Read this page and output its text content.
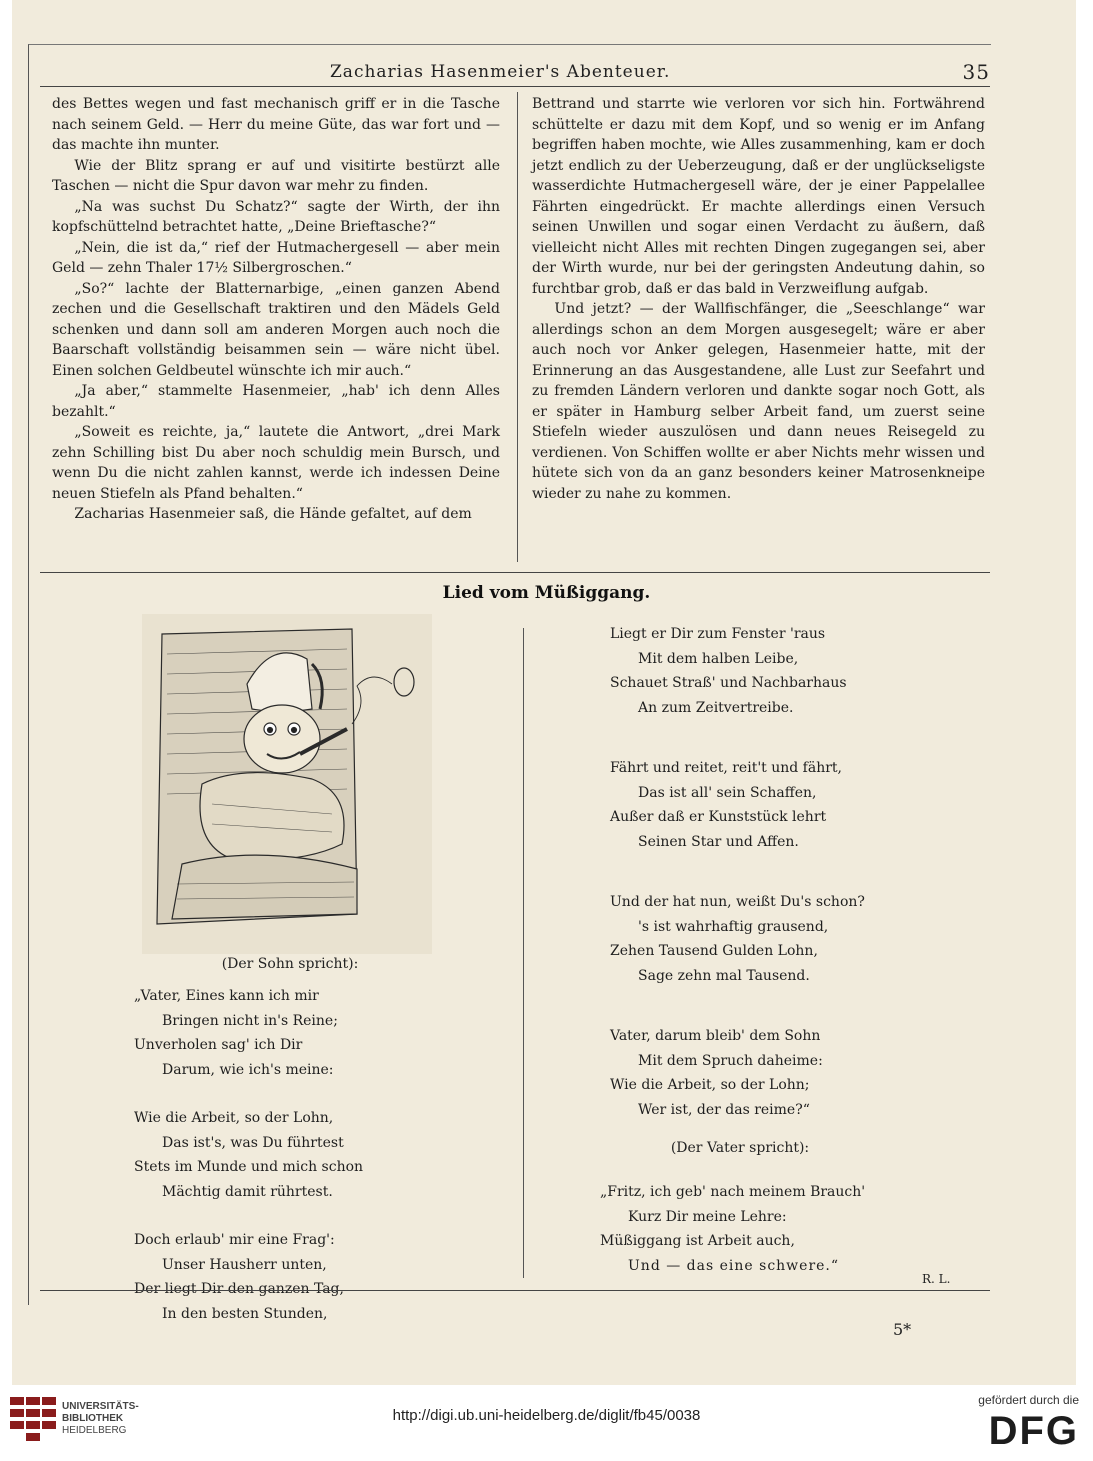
Zacharias Hasenmeier's Abenteuer.	35

des Bettes wegen und fast mechanisch griff er in die Tasche nach seinem Geld. — Herr du meine Güte, das war fort und — das machte ihn munter.

Wie der Blitz sprang er auf und visitirte bestürzt alle Taschen — nicht die Spur davon war mehr zu finden.

„Na was suchst Du Schatz?“ sagte der Wirth, der ihn kopfschüttelnd betrachtet hatte, „Deine Brieftasche?“

„Nein, die ist da,“ rief der Hutmachergesell — aber mein Geld — zehn Thaler 17½ Silbergroschen.“

„So?“ lachte der Blatternarbige, „einen ganzen Abend zechen und die Gesellschaft traktiren und den Mädels Geld schenken und dann soll am anderen Morgen auch noch die Baarschaft vollständig beisammen sein — wäre nicht übel. Einen solchen Geldbeutel wünschte ich mir auch.“

„Ja aber,“ stammelte Hasenmeier, „hab' ich denn Alles bezahlt.“

„Soweit es reichte, ja,“ lautete die Antwort, „drei Mark zehn Schilling bist Du aber noch schuldig mein Bursch, und wenn Du die nicht zahlen kannst, werde ich indessen Deine neuen Stiefeln als Pfand behalten.“

Zacharias Hasenmeier saß, die Hände gefaltet, auf dem

Bettrand und starrte wie verloren vor sich hin. Fortwährend schüttelte er dazu mit dem Kopf, und so wenig er im Anfang begriffen haben mochte, wie Alles zusammenhing, kam er doch jetzt endlich zu der Ueberzeugung, daß er der unglückseligste wasserdichte Hutmachergesell wäre, der je einer Pappelallee Fährten eingedrückt. Er machte allerdings einen Versuch seinen Unwillen und sogar einen Verdacht zu äußern, daß vielleicht nicht Alles mit rechten Dingen zugegangen sei, aber der Wirth wurde, nur bei der geringsten Andeutung dahin, so furchtbar grob, daß er das bald in Verzweiflung aufgab.

Und jetzt? — der Wallfischfänger, die „Seeschlange“ war allerdings schon an dem Morgen ausgesegelt; wäre er aber auch noch vor Anker gelegen, Hasenmeier hatte, mit der Erinnerung an das Ausgestandene, alle Lust zur Seefahrt und zu fremden Ländern verloren und dankte sogar noch Gott, als er später in Hamburg selber Arbeit fand, um zuerst seine Stiefeln wieder auszulösen und dann neues Reisegeld zu verdienen. Von Schiffen wollte er aber Nichts mehr wissen und hütete sich von da an ganz besonders keiner Matrosenkneipe wieder zu nahe zu kommen.

Lied vom Müßiggang.
(Der Sohn spricht):
„Vater, Eines kann ich mir
Bringen nicht in's Reine;
Unverholen sag' ich Dir
Darum, wie ich's meine:
Wie die Arbeit, so der Lohn,
Das ist's, was Du führtest
Stets im Munde und mich schon
Mächtig damit rührtest.
Doch erlaub' mir eine Frag':
Unser Hausherr unten,
Der liegt Dir den ganzen Tag,
In den besten Stunden,
Liegt er Dir zum Fenster 'raus
Mit dem halben Leibe,
Schauet Straß' und Nachbarhaus
An zum Zeitvertreibe.
Fährt und reitet, reit't und fährt,
Das ist all' sein Schaffen,
Außer daß er Kunststück lehrt
Seinen Star und Affen.
Und der hat nun, weißt Du's schon?
's ist wahrhaftig grausend,
Zehen Tausend Gulden Lohn,
Sage zehn mal Tausend.
Vater, darum bleib' dem Sohn
Mit dem Spruch daheime:
Wie die Arbeit, so der Lohn;
Wer ist, der das reime?“
(Der Vater spricht):
„Fritz, ich geb' nach meinem Brauch'
Kurz Dir meine Lehre:
Müßiggang ist Arbeit auch,
Und — das eine schwere.“
R. L.
5*
UNIVERSITÄTS-
BIBLIOTHEK
HEIDELBERG
http://digi.ub.uni-heidelberg.de/diglit/fb45/0038
gefördert durch die
DFG
